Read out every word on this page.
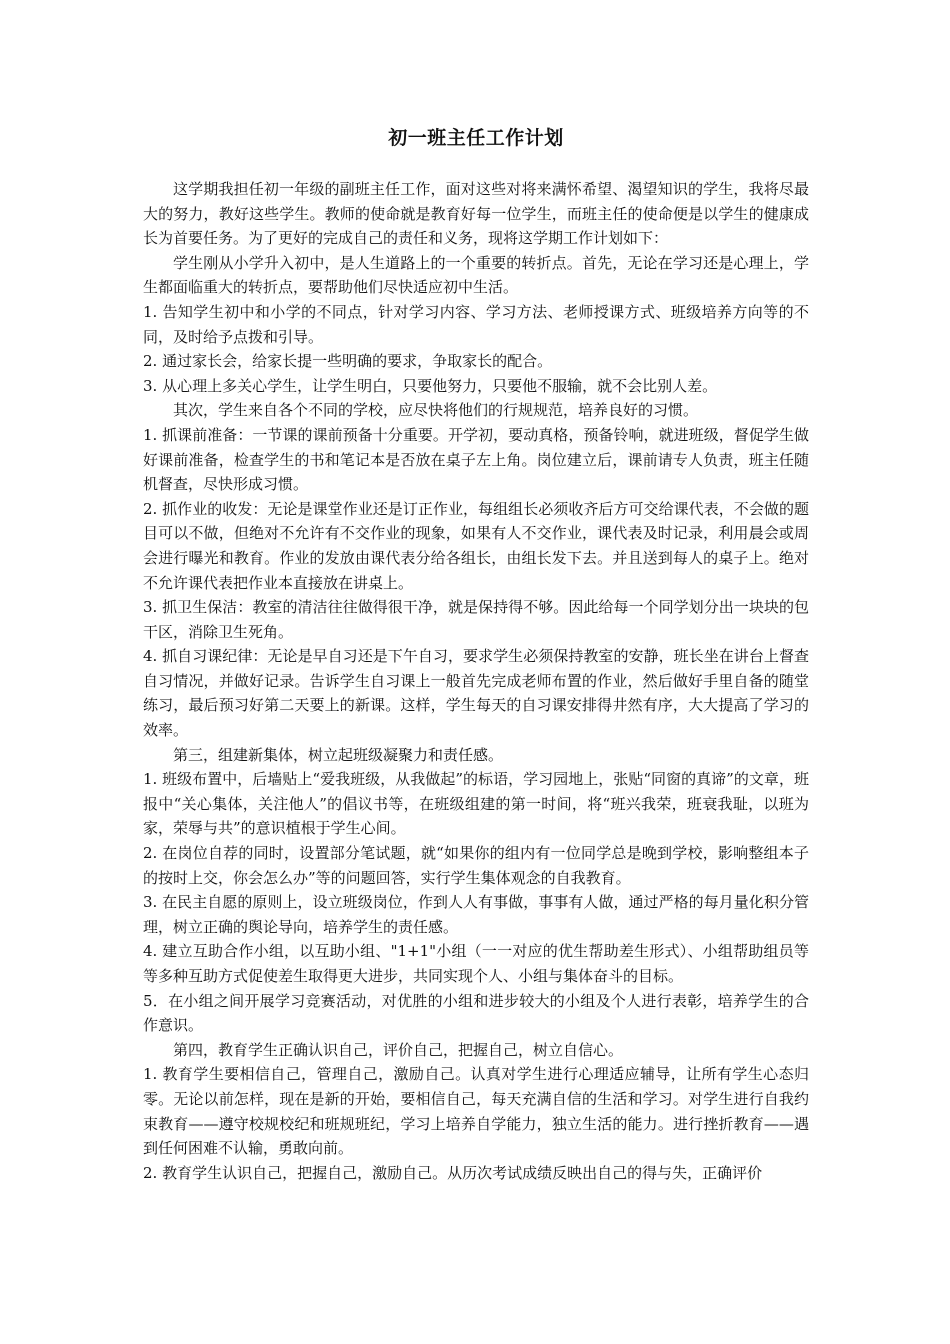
初一班主任工作计划

这学期我担任初一年级的副班主任工作，面对这些对将来满怀希望、渴望知识的学生，我将尽最大的努力，教好这些学生。教师的使命就是教育好每一位学生，而班主任的使命便是以学生的健康成长为首要任务。为了更好的完成自己的责任和义务，现将这学期工作计划如下：

学生刚从小学升入初中，是人生道路上的一个重要的转折点。首先，无论在学习还是心理上，学生都面临重大的转折点，要帮助他们尽快适应初中生活。

1. 告知学生初中和小学的不同点，针对学习内容、学习方法、老师授课方式、班级培养方向等的不同，及时给予点拨和引导。

2. 通过家长会，给家长提一些明确的要求，争取家长的配合。

3. 从心理上多关心学生，让学生明白，只要他努力，只要他不服输，就不会比别人差。

其次，学生来自各个不同的学校，应尽快将他们的行规规范，培养良好的习惯。

1. 抓课前准备：一节课的课前预备十分重要。开学初，要动真格，预备铃响，就进班级，督促学生做好课前准备，检查学生的书和笔记本是否放在桌子左上角。岗位建立后，课前请专人负责，班主任随机督查，尽快形成习惯。

2. 抓作业的收发：无论是课堂作业还是订正作业，每组组长必须收齐后方可交给课代表，不会做的题目可以不做，但绝对不允许有不交作业的现象，如果有人不交作业，课代表及时记录，利用晨会或周会进行曝光和教育。作业的发放由课代表分给各组长，由组长发下去。并且送到每人的桌子上。绝对不允许课代表把作业本直接放在讲桌上。

3. 抓卫生保洁：教室的清洁往往做得很干净，就是保持得不够。因此给每一个同学划分出一块块的包干区，消除卫生死角。

4. 抓自习课纪律：无论是早自习还是下午自习，要求学生必须保持教室的安静，班长坐在讲台上督查自习情况，并做好记录。告诉学生自习课上一般首先完成老师布置的作业，然后做好手里自备的随堂练习，最后预习好第二天要上的新课。这样，学生每天的自习课安排得井然有序，大大提高了学习的效率。

第三，组建新集体，树立起班级凝聚力和责任感。

1. 班级布置中，后墙贴上“爱我班级，从我做起”的标语，学习园地上，张贴“同窗的真谛”的文章，班报中“关心集体，关注他人”的倡议书等，在班级组建的第一时间，将“班兴我荣，班衰我耻，以班为家，荣辱与共”的意识植根于学生心间。

2. 在岗位自荐的同时，设置部分笔试题，就“如果你的组内有一位同学总是晚到学校，影响整组本子的按时上交，你会怎么办”等的问题回答，实行学生集体观念的自我教育。

3. 在民主自愿的原则上，设立班级岗位，作到人人有事做，事事有人做，通过严格的每月量化积分管理，树立正确的舆论导向，培养学生的责任感。

4. 建立互助合作小组，以互助小组、"1+1"小组（一一对应的优生帮助差生形式）、小组帮助组员等等多种互助方式促使差生取得更大进步，共同实现个人、小组与集体奋斗的目标。

5．在小组之间开展学习竞赛活动，对优胜的小组和进步较大的小组及个人进行表彰，培养学生的合作意识。

第四，教育学生正确认识自己，评价自己，把握自己，树立自信心。

1. 教育学生要相信自己，管理自己，激励自己。认真对学生进行心理适应辅导，让所有学生心态归零。无论以前怎样，现在是新的开始，要相信自己，每天充满自信的生活和学习。对学生进行自我约束教育——遵守校规校纪和班规班纪，学习上培养自学能力，独立生活的能力。进行挫折教育——遇到任何困难不认输，勇敢向前。

2. 教育学生认识自己，把握自己，激励自己。从历次考试成绩反映出自己的得与失，正确评价
